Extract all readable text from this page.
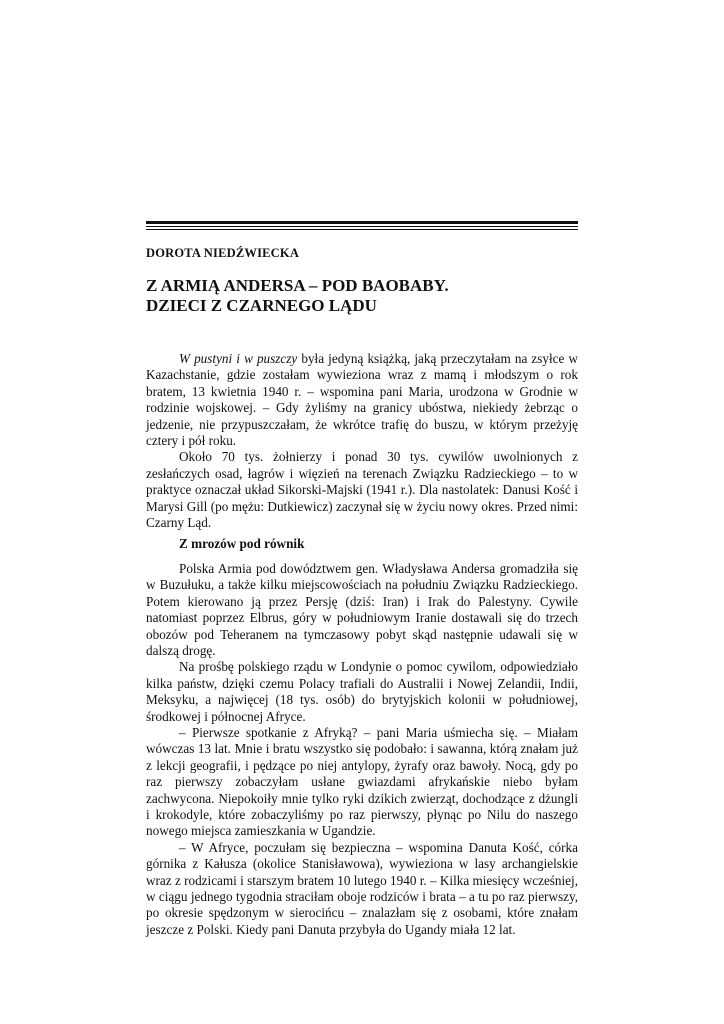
DOROTA NIEDŹWIECKA
Z ARMIĄ ANDERSA – POD BAOBABY.
DZIECI Z CZARNEGO LĄDU

W pustyni i w puszczy była jedyną książką, jaką przeczytałam na zsyłce w Kazachstanie, gdzie zostałam wywieziona wraz z mamą i młodszym o rok bratem, 13 kwietnia 1940 r. – wspomina pani Maria, urodzona w Grodnie w rodzinie wojskowej. – Gdy żyliśmy na granicy ubóstwa, niekiedy żebrząc o jedzenie, nie przypuszczałam, że wkrótce trafię do buszu, w którym przeżyję cztery i pół roku.

Około 70 tys. żołnierzy i ponad 30 tys. cywilów uwolnionych z zesłańczych osad, łagrów i więzień na terenach Związku Radzieckiego – to w praktyce oznaczał układ Sikorski-Majski (1941 r.). Dla nastolatek: Danusi Kość i Marysi Gill (po mężu: Dutkiewicz) zaczynał się w życiu nowy okres. Przed nimi: Czarny Ląd.

Z mrozów pod równik

Polska Armia pod dowództwem gen. Władysława Andersa gromadziła się w Buzułuku, a także kilku miejscowościach na południu Związku Radzieckiego. Potem kierowano ją przez Persję (dziś: Iran) i Irak do Palestyny. Cywile natomiast poprzez Elbrus, góry w południowym Iranie dostawali się do trzech obozów pod Teheranem na tymczasowy pobyt skąd następnie udawali się w dalszą drogę.

Na prośbę polskiego rządu w Londynie o pomoc cywilom, odpowiedziało kilka państw, dzięki czemu Polacy trafiali do Australii i Nowej Zelandii, Indii, Meksyku, a najwięcej (18 tys. osób) do brytyjskich kolonii w południowej, środkowej i północnej Afryce.

– Pierwsze spotkanie z Afryką? – pani Maria uśmiecha się. – Miałam wówczas 13 lat. Mnie i bratu wszystko się podobało: i sawanna, którą znałam już z lekcji geografii, i pędzące po niej antylopy, żyrafy oraz bawoły. Nocą, gdy po raz pierwszy zobaczyłam usłane gwiazdami afrykańskie niebo byłam zachwycona. Niepokoiły mnie tylko ryki dzikich zwierząt, dochodzące z dżungli i krokodyle, które zobaczyliśmy po raz pierwszy, płynąc po Nilu do naszego nowego miejsca zamieszkania w Ugandzie.

– W Afryce, poczułam się bezpieczna – wspomina Danuta Kość, córka górnika z Kałusza (okolice Stanisławowa), wywieziona w lasy archangielskie wraz z rodzicami i starszym bratem 10 lutego 1940 r. – Kilka miesięcy wcześniej, w ciągu jednego tygodnia straciłam oboje rodziców i brata – a tu po raz pierwszy, po okresie spędzonym w sierocińcu – znalazłam się z osobami, które znałam jeszcze z Polski. Kiedy pani Danuta przybyła do Ugandy miała 12 lat.
